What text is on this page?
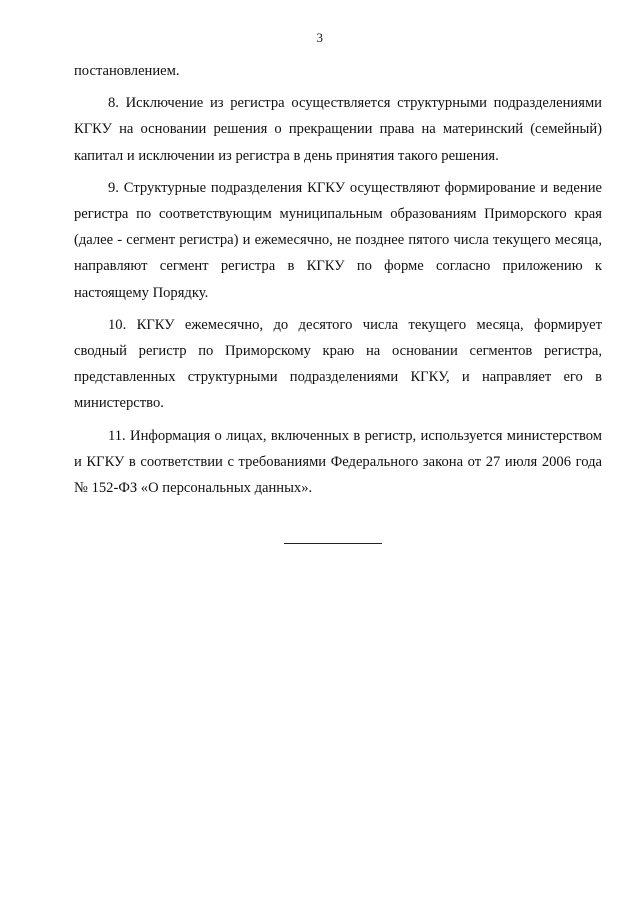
3

постановлением.

8. Исключение из регистра осуществляется структурными подразделениями КГКУ на основании решения о прекращении права на материнский (семейный) капитал и исключении из регистра в день принятия такого решения.

9. Структурные подразделения КГКУ осуществляют формирование и ведение регистра по соответствующим муниципальным образованиям Приморского края (далее - сегмент регистра) и ежемесячно, не позднее пятого числа текущего месяца, направляют сегмент регистра в КГКУ по форме согласно приложению к настоящему Порядку.

10. КГКУ ежемесячно, до десятого числа текущего месяца, формирует сводный регистр по Приморскому краю на основании сегментов регистра, представленных структурными подразделениями КГКУ, и направляет его в министерство.

11. Информация о лицах, включенных в регистр, используется министерством и КГКУ в соответствии с требованиями Федерального закона от 27 июля 2006 года № 152-ФЗ «О персональных данных».
